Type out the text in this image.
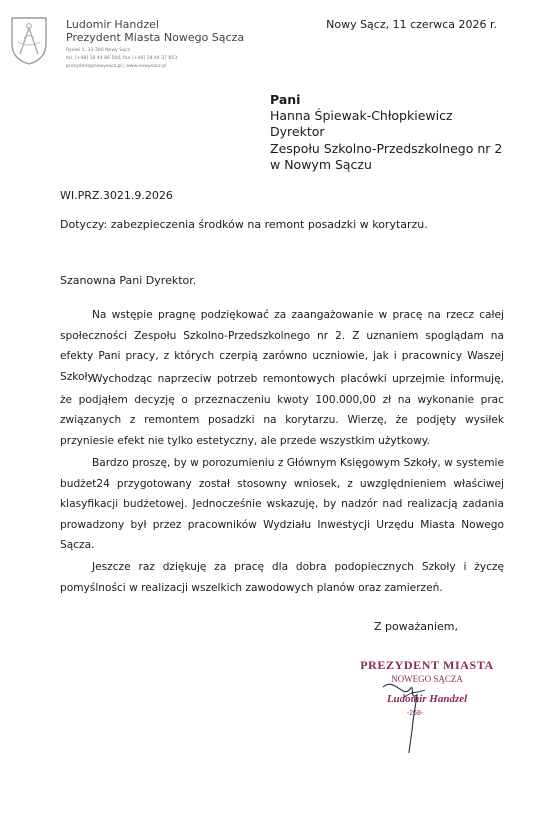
Ludomir Handzel
Prezydent Miasta Nowego Sącza
Rynek 1, 33-300 Nowy Sącz
tel. [+48] 18 44 86 500, fax [+48] 18 44 37 853
prezydent@nowysacz.pl | www.nowysacz.pl
Nowy Sącz, 11 czerwca 2026 r.
Pani
Hanna Śpiewak-Chłopkiewicz
Dyrektor
Zespołu Szkolno-Przedszkolnego nr 2
w Nowym Sączu
WI.PRZ.3021.9.2026
Dotyczy: zabezpieczenia środków na remont posadzki w korytarzu.
Szanowna Pani Dyrektor.

Na wstępie pragnę podziękować za zaangażowanie w pracę na rzecz całej społeczności Zespołu Szkolno-Przedszkolnego nr 2. Z uznaniem spoglądam na efekty Pani pracy, z których czerpią zarówno uczniowie, jak i pracownicy Waszej Szkoły.

Wychodząc naprzeciw potrzeb remontowych placówki uprzejmie informuję, że podjąłem decyzję o przeznaczeniu kwoty 100.000,00 zł na wykonanie prac związanych z remontem posadzki na korytarzu. Wierzę, że podjęty wysiłek przyniesie efekt nie tylko estetyczny, ale przede wszystkim użytkowy.

Bardzo proszę, by w porozumieniu z Głównym Księgowym Szkoły, w systemie budżet24 przygotowany został stosowny wniosek, z uwzględnieniem właściwej klasyfikacji budżetowej. Jednocześnie wskazuję, by nadzór nad realizacją zadania prowadzony był przez pracowników Wydziału Inwestycji Urzędu Miasta Nowego Sącza.

Jeszcze raz dziękuję za pracę dla dobra podopiecznych Szkoły i życzę pomyślności w realizacji wszelkich zawodowych planów oraz zamierzeń.

Z poważaniem,
PREZYDENT MIASTA
NOWEGO SĄCZA
Ludomir Handzel
-268-
